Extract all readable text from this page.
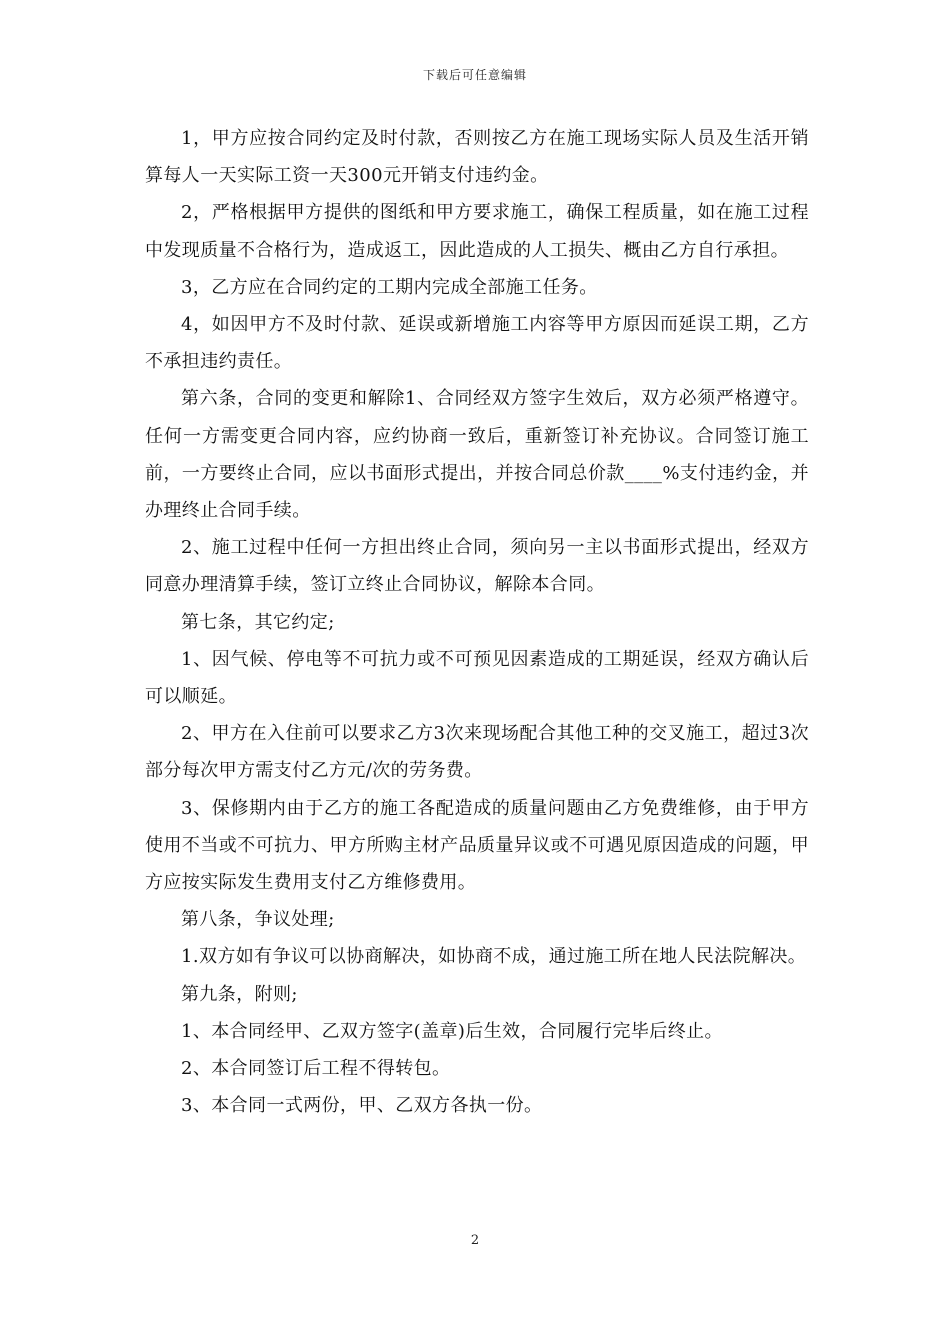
下载后可任意编辑

1，甲方应按合同约定及时付款，否则按乙方在施工现场实际人员及生活开销算每人一天实际工资一天300元开销支付违约金。

2，严格根据甲方提供的图纸和甲方要求施工，确保工程质量，如在施工过程中发现质量不合格行为，造成返工，因此造成的人工损失、概由乙方自行承担。

3，乙方应在合同约定的工期内完成全部施工任务。

4，如因甲方不及时付款、延误或新增施工内容等甲方原因而延误工期，乙方不承担违约责任。

第六条，合同的变更和解除1、合同经双方签字生效后，双方必须严格遵守。任何一方需变更合同内容，应约协商一致后，重新签订补充协议。合同签订施工前，一方要终止合同，应以书面形式提出，并按合同总价款____%支付违约金，并办理终止合同手续。

2、施工过程中任何一方担出终止合同，须向另一主以书面形式提出，经双方同意办理清算手续，签订立终止合同协议，解除本合同。

第七条，其它约定;

1、因气候、停电等不可抗力或不可预见因素造成的工期延误，经双方确认后可以顺延。

2、甲方在入住前可以要求乙方3次来现场配合其他工种的交叉施工，超过3次部分每次甲方需支付乙方元/次的劳务费。

3、保修期内由于乙方的施工各配造成的质量问题由乙方免费维修，由于甲方使用不当或不可抗力、甲方所购主材产品质量异议或不可遇见原因造成的问题，甲方应按实际发生费用支付乙方维修费用。

第八条，争议处理;

1.双方如有争议可以协商解决，如协商不成，通过施工所在地人民法院解决。

第九条，附则;

1、本合同经甲、乙双方签字(盖章)后生效，合同履行完毕后终止。

2、本合同签订后工程不得转包。

3、本合同一式两份，甲、乙双方各执一份。

2
